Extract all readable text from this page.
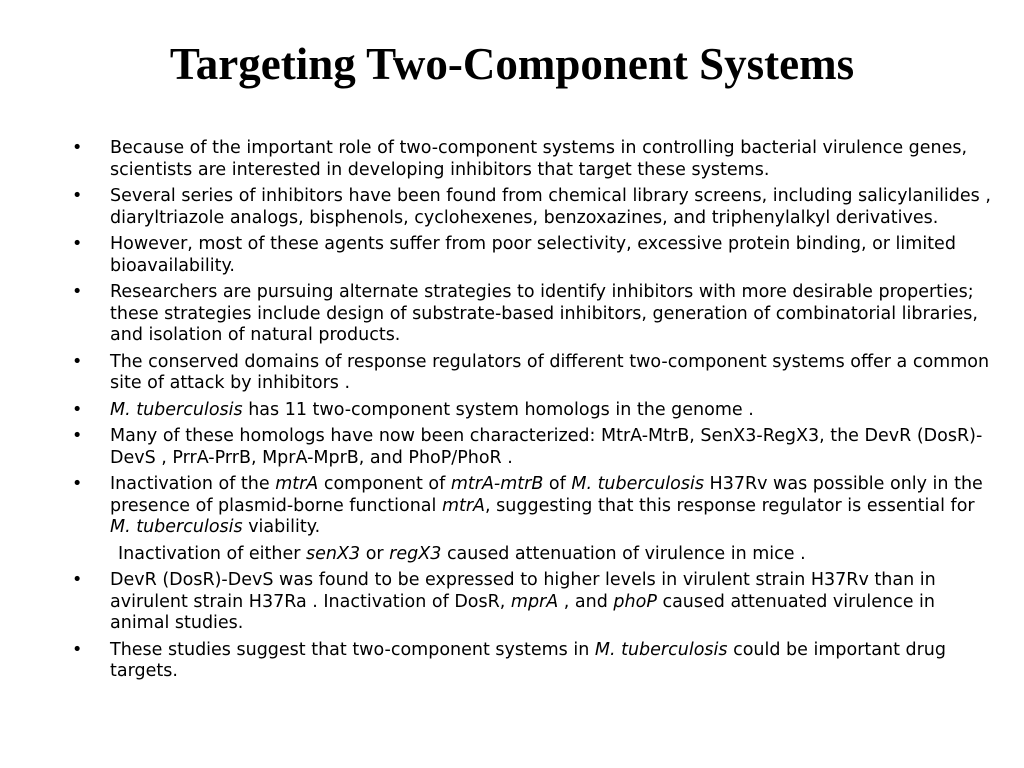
Targeting Two-Component Systems
•	Because of the important role of two-component systems in controlling bacterial virulence genes, scientists are interested in developing inhibitors that target these systems.
•	Several series of inhibitors have been found from chemical library screens, including salicylanilides , diaryltriazole analogs, bisphenols, cyclohexenes, benzoxazines, and triphenylalkyl derivatives.
•	However, most of these agents suffer from poor selectivity, excessive protein binding, or limited bioavailability.
•	Researchers are pursuing alternate strategies to identify inhibitors with more desirable properties; these strategies include design of substrate-based inhibitors, generation of combinatorial libraries, and isolation of natural products.
•	The conserved domains of response regulators of different two-component systems offer a common site of attack by inhibitors .
•	M. tuberculosis has 11 two-component system homologs in the genome .
•	Many of these homologs have now been characterized: MtrA-MtrB, SenX3-RegX3, the DevR (DosR)-DevS , PrrA-PrrB, MprA-MprB, and PhoP/PhoR .
•	Inactivation of the mtrA component of mtrA-mtrB of M. tuberculosis H37Rv was possible only in the presence of plasmid-borne functional mtrA, suggesting that this response regulator is essential for M. tuberculosis viability.
Inactivation of either senX3 or regX3 caused attenuation of virulence in mice .
•	DevR (DosR)-DevS was found to be expressed to higher levels in virulent strain H37Rv than in avirulent strain H37Ra . Inactivation of DosR, mprA , and phoP caused attenuated virulence in animal studies.
•	These studies suggest that two-component systems in M. tuberculosis could be important drug targets.
